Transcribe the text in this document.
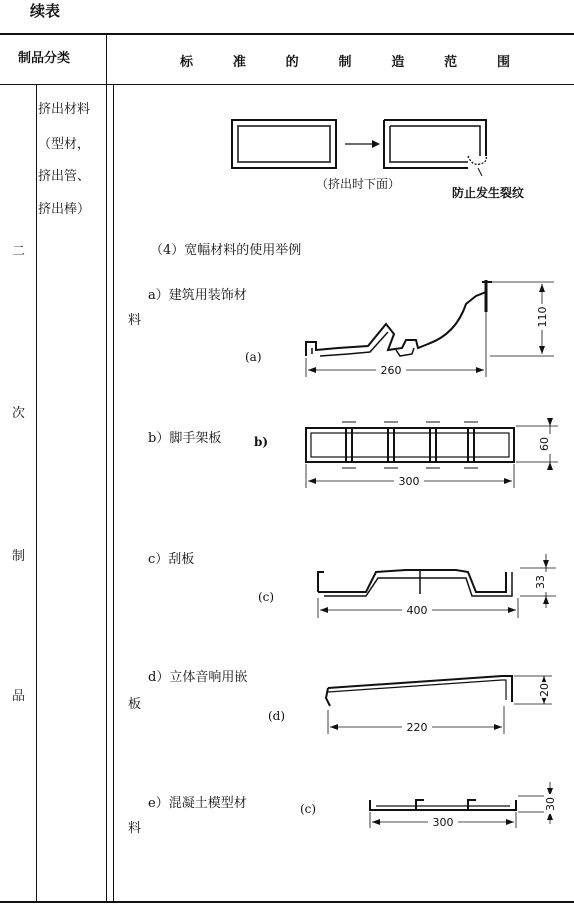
续表
制品分类	标	准	的	制	造	范	围
二
次
制
品
挤出材料
（型材，
挤出管、
挤出棒）
（挤出时下面）
防止发生裂纹
（4）宽幅材料的使用举例
a）建筑用装饰材
料
(a)
260
110
b）脚手架板	b)
300
60
c）刮板
(c)
400
33
d）立体音响用嵌
板
(d)
220
20
e）混凝土模型材
料
(c)
300
30
